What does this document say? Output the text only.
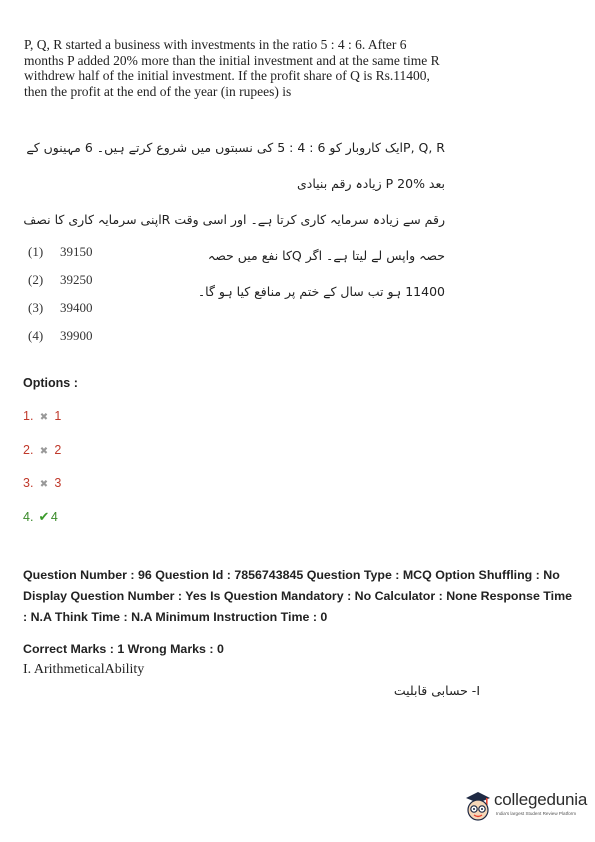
P, Q, R started a business with investments in the ratio 5 : 4 : 6. After 6 months P added 20% more than the initial investment and at the same time R withdrew half of the initial investment. If the profit share of Q is Rs.11400, then the profit at the end of the year (in rupees) is
P, Q, Rایک کاروبار کو 6 : 4 : 5 کی نسبتوں میں شروع کرتے ہیں۔ 6 مہینوں کے بعد P 20% زیادہ رقم بنیادی
رقم سے زیادہ سرمایہ کاری کرتا ہے۔ اور اسی وقت Rاپنی سرمایہ کاری کا نصف حصہ واپس لے لیتا ہے۔ اگر Qکا نفع میں حصہ
11400 ہو تب سال کے ختم پر منافع کیا ہو گا۔
(1) 39150
(2) 39250
(3) 39400
(4) 39900
Options :
1. ✖ 1
2. ✖ 2
3. ✖ 3
4. ✔ 4
Question Number : 96 Question Id : 7856743845 Question Type : MCQ Option Shuffling : No
Display Question Number : Yes Is Question Mandatory : No Calculator : None Response Time
: N.A Think Time : N.A Minimum Instruction Time : 0
Correct Marks : 1 Wrong Marks : 0
I. ArithmeticalAbility
I- حسابی قابلیت
collegedunia
India's largest Student Review Platform
